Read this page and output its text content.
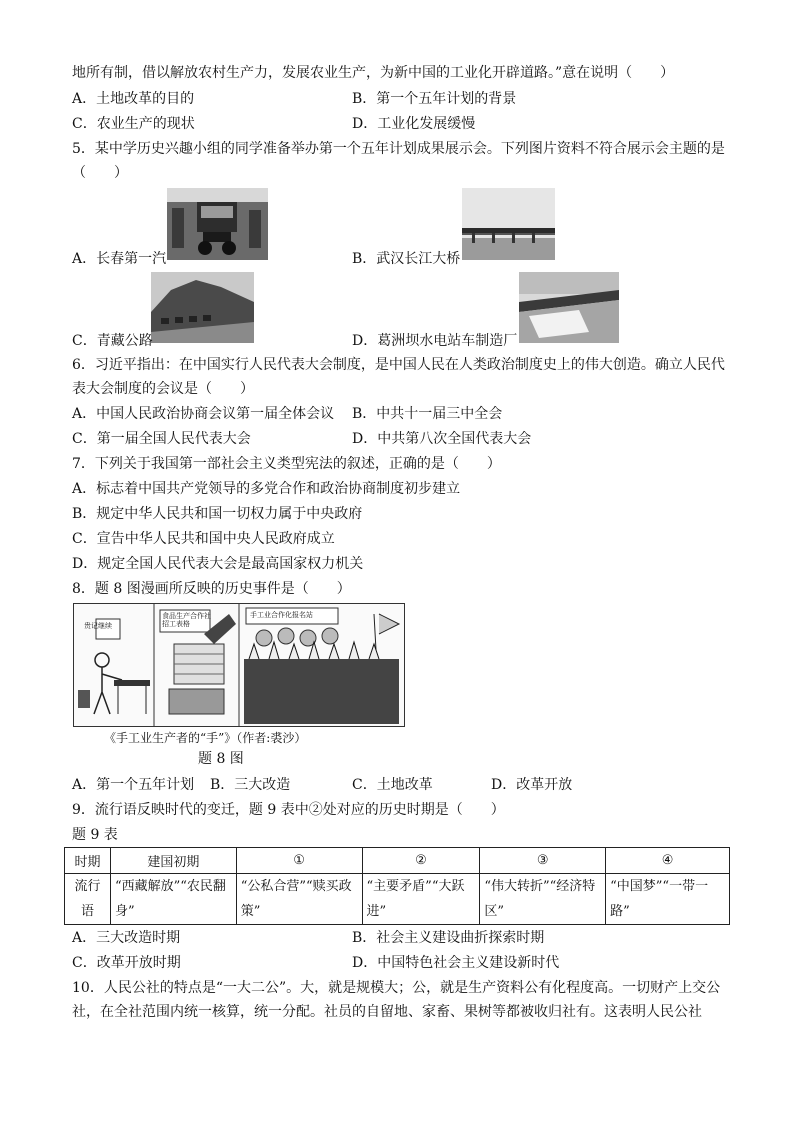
地所有制，借以解放农村生产力，发展农业生产，为新中国的工业化开辟道路。”意在说明（　　）
A．土地改革的目的	B．第一个五年计划的背景
C．农业生产的现状	D．工业化发展缓慢
5．某中学历史兴趣小组的同学准备举办第一个五年计划成果展示会。下列图片资料不符合展示会主题的是
（　　）
A．长春第一汽	B．武汉长江大桥
C．青藏公路	D．葛洲坝水电站车制造厂
6．习近平指出：在中国实行人民代表大会制度，是中国人民在人类政治制度史上的伟大创造。确立人民代
表大会制度的会议是（　　）
A．中国人民政治协商会议第一届全体会议 B．中共十一届三中全会
C．第一届全国人民代表大会	D．中共第八次全国代表大会
7．下列关于我国第一部社会主义类型宪法的叙述，正确的是（　　）
A．标志着中国共产党领导的多党合作和政治协商制度初步建立
B．规定中华人民共和国一切权力属于中央政府
C．宣告中华人民共和国中央人民政府成立
D．规定全国人民代表大会是最高国家权力机关
8．题 8 图漫画所反映的历史事件是（　　）
贵记继续
食品生产合作社 招工表格
手工业合作化报名站
《手工业生产者的“手”》（作者:裘沙）
题 8 图
A．第一个五年计划 B．三大改造	C．土地改革	D．改革开放
9．流行语反映时代的变迁，题 9 表中②处对应的历史时期是（　　）
题 9 表
时期	建国初期	①	②	③	④
流行语	“西藏解放”“农民翻身”	“公私合营”“赎买政策”	“主要矛盾”“大跃进”	“伟大转折”“经济特区”	“中国梦”“一带一路”
A．三大改造时期	B．社会主义建设曲折探索时期
C．改革开放时期	D．中国特色社会主义建设新时代
10．人民公社的特点是“一大二公”。大，就是规模大；公，就是生产资料公有化程度高。一切财产上交公
社，在全社范围内统一核算，统一分配。社员的自留地、家畜、果树等都被收归社有。这表明人民公社
